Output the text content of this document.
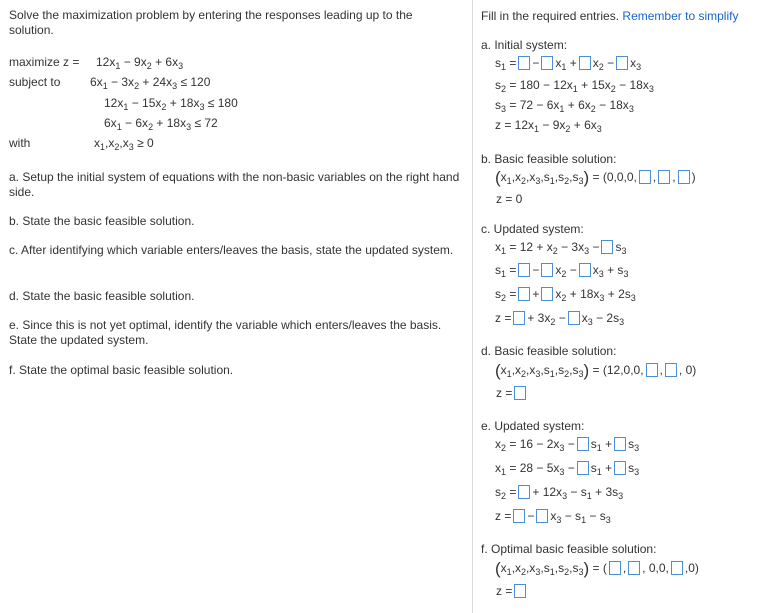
Solve the maximization problem by entering the responses leading up to the solution.
maximize $z = 12x_1 - 9x_2 + 6x_3$
subject to $6x_1 - 3x_2 + 24x_3 \le 120$
$12x_1 - 15x_2 + 18x_3 \le 180$
$6x_1 - 6x_2 + 18x_3 \le 72$
with	$x_1,x_2,x_3 \ge 0$
a. Setup the initial system of equations with the non-basic variables on the right hand side.
b. State the basic feasible solution.
c. After identifying which variable enters/leaves the basis, state the updated system.
d. State the basic feasible solution.
e. Since this is not yet optimal, identify the variable which enters/leaves the basis. State the updated system.
f. State the optimal basic feasible solution.
Fill in the required entries. Remember to simplify
a. Initial system:
$s_1$ = − $x_1 + x_2 - x_3$
$s_2 = 180 - 12x_1 + 15x_2 - 18x_3$
$s_3 = 72 - 6x_1 + 6x_2 - 18x_3$
$z = 12x_1 - 9x_2 + 6x_3$
b. Basic feasible solution:
$(x_1,x_2,x_3,s_1,s_2,s_3) = (0,0,0$, , , )
z = 0
c. Updated system:
$x_1 = 12 + x_2 - 3x_3 - s_3$
$s_1$ = − $x_2 - x_3 + s_3$
$s_2$ = + $x_2 + 18x_3 + 2s_3$
z = + $3x_2 - x_3 - 2s_3$
d. Basic feasible solution:
$(x_1,x_2,x_3,s_1,s_2,s_3) = (12,0,0$, , , 0)
z =
e. Updated system:
$x_2 = 16 - 2x_3 - s_1 + s_3$
$x_1 = 28 - 5x_3 - s_1 + s_3$
$s_2$ = + $12x_3 - s_1 + 3s_3$
z = − $x_3 - s_1 - s_3$
f. Optimal basic feasible solution:
$(x_1,x_2,x_3,s_1,s_2,s_3)$ = ( , , 0,0, ,0)
z =
